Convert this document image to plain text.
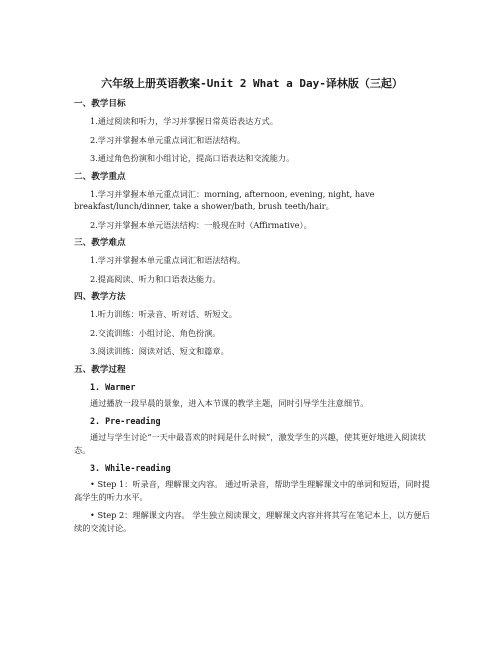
六年级上册英语教案-Unit 2 What a Day-译林版（三起）
一、教学目标
1.通过阅读和听力，学习并掌握日常英语表达方式。
2.学习并掌握本单元重点词汇和语法结构。
3.通过角色扮演和小组讨论，提高口语表达和交流能力。
二、教学重点
1.学习并掌握本单元重点词汇：morning, afternoon, evening, night, have breakfast/lunch/dinner, take a shower/bath, brush teeth/hair。
2.学习并掌握本单元语法结构：一般现在时（Affirmative）。
三、教学难点
1.学习并掌握本单元重点词汇和语法结构。
2.提高阅读、听力和口语表达能力。
四、教学方法
1.听力训练：听录音、听对话、听短文。
2.交流训练：小组讨论、角色扮演。
3.阅读训练：阅读对话、短文和篇章。
五、教学过程
1. Warmer
通过播放一段早晨的景象，进入本节课的教学主题，同时引导学生注意细节。
2. Pre-reading
通过与学生讨论“一天中最喜欢的时间是什么时候”，激发学生的兴趣，使其更好地进入阅读状态。
3. While-reading
• Step 1：听录音，理解课文内容。 通过听录音，帮助学生理解课文中的单词和短语，同时提高学生的听力水平。
• Step 2：理解课文内容。 学生独立阅读课文，理解课文内容并将其写在笔记本上，以方便后续的交流讨论。
